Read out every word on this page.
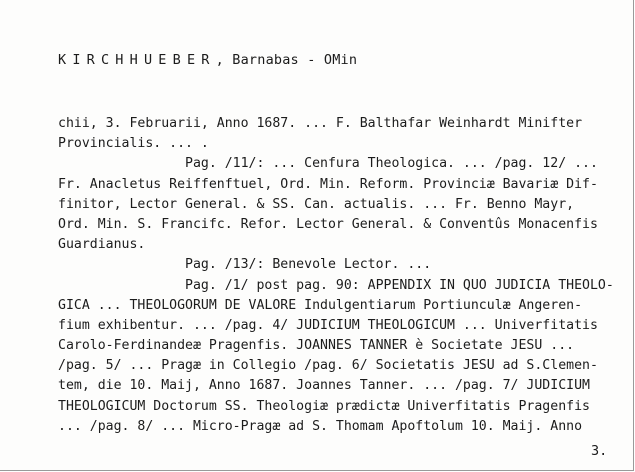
KIRCHHUEBER, Barnabas - OMin
chii, 3. Februarii, Anno 1687. ... F. Balthafar Weinhardt Minifter
Provincialis. ... .
Pag. /11/: ... Cenfura Theologica. ... /pag. 12/ ...
Fr. Anacletus Reiffenftuel, Ord. Min. Reform. Provinciæ Bavariæ Dif-
finitor, Lector General. & SS. Can. actualis. ... Fr. Benno Mayr,
Ord. Min. S. Francifc. Refor. Lector General. & Conventûs Monacenfis
Guardianus.
Pag. /13/: Benevole Lector. ...
Pag. /1/ post pag. 90: APPENDIX IN QUO JUDICIA THEOLO-
GICA ... THEOLOGORUM DE VALORE Indulgentiarum Portiunculæ Angeren-
fium exhibentur. ... /pag. 4/ JUDICIUM THEOLOGICUM ... Univerfitatis
Carolo-Ferdinandeæ Pragenfis. JOANNES TANNER è Societate JESU ...
/pag. 5/ ... Pragæ in Collegio /pag. 6/ Societatis JESU ad S.Clemen-
tem, die 10. Maij, Anno 1687. Joannes Tanner. ... /pag. 7/ JUDICIUM
THEOLOGICUM Doctorum SS. Theologiæ prædictæ Univerfitatis Pragenfis
... /pag. 8/ ... Micro-Pragæ ad S. Thomam Apoftolum 10. Maij. Anno
3.
